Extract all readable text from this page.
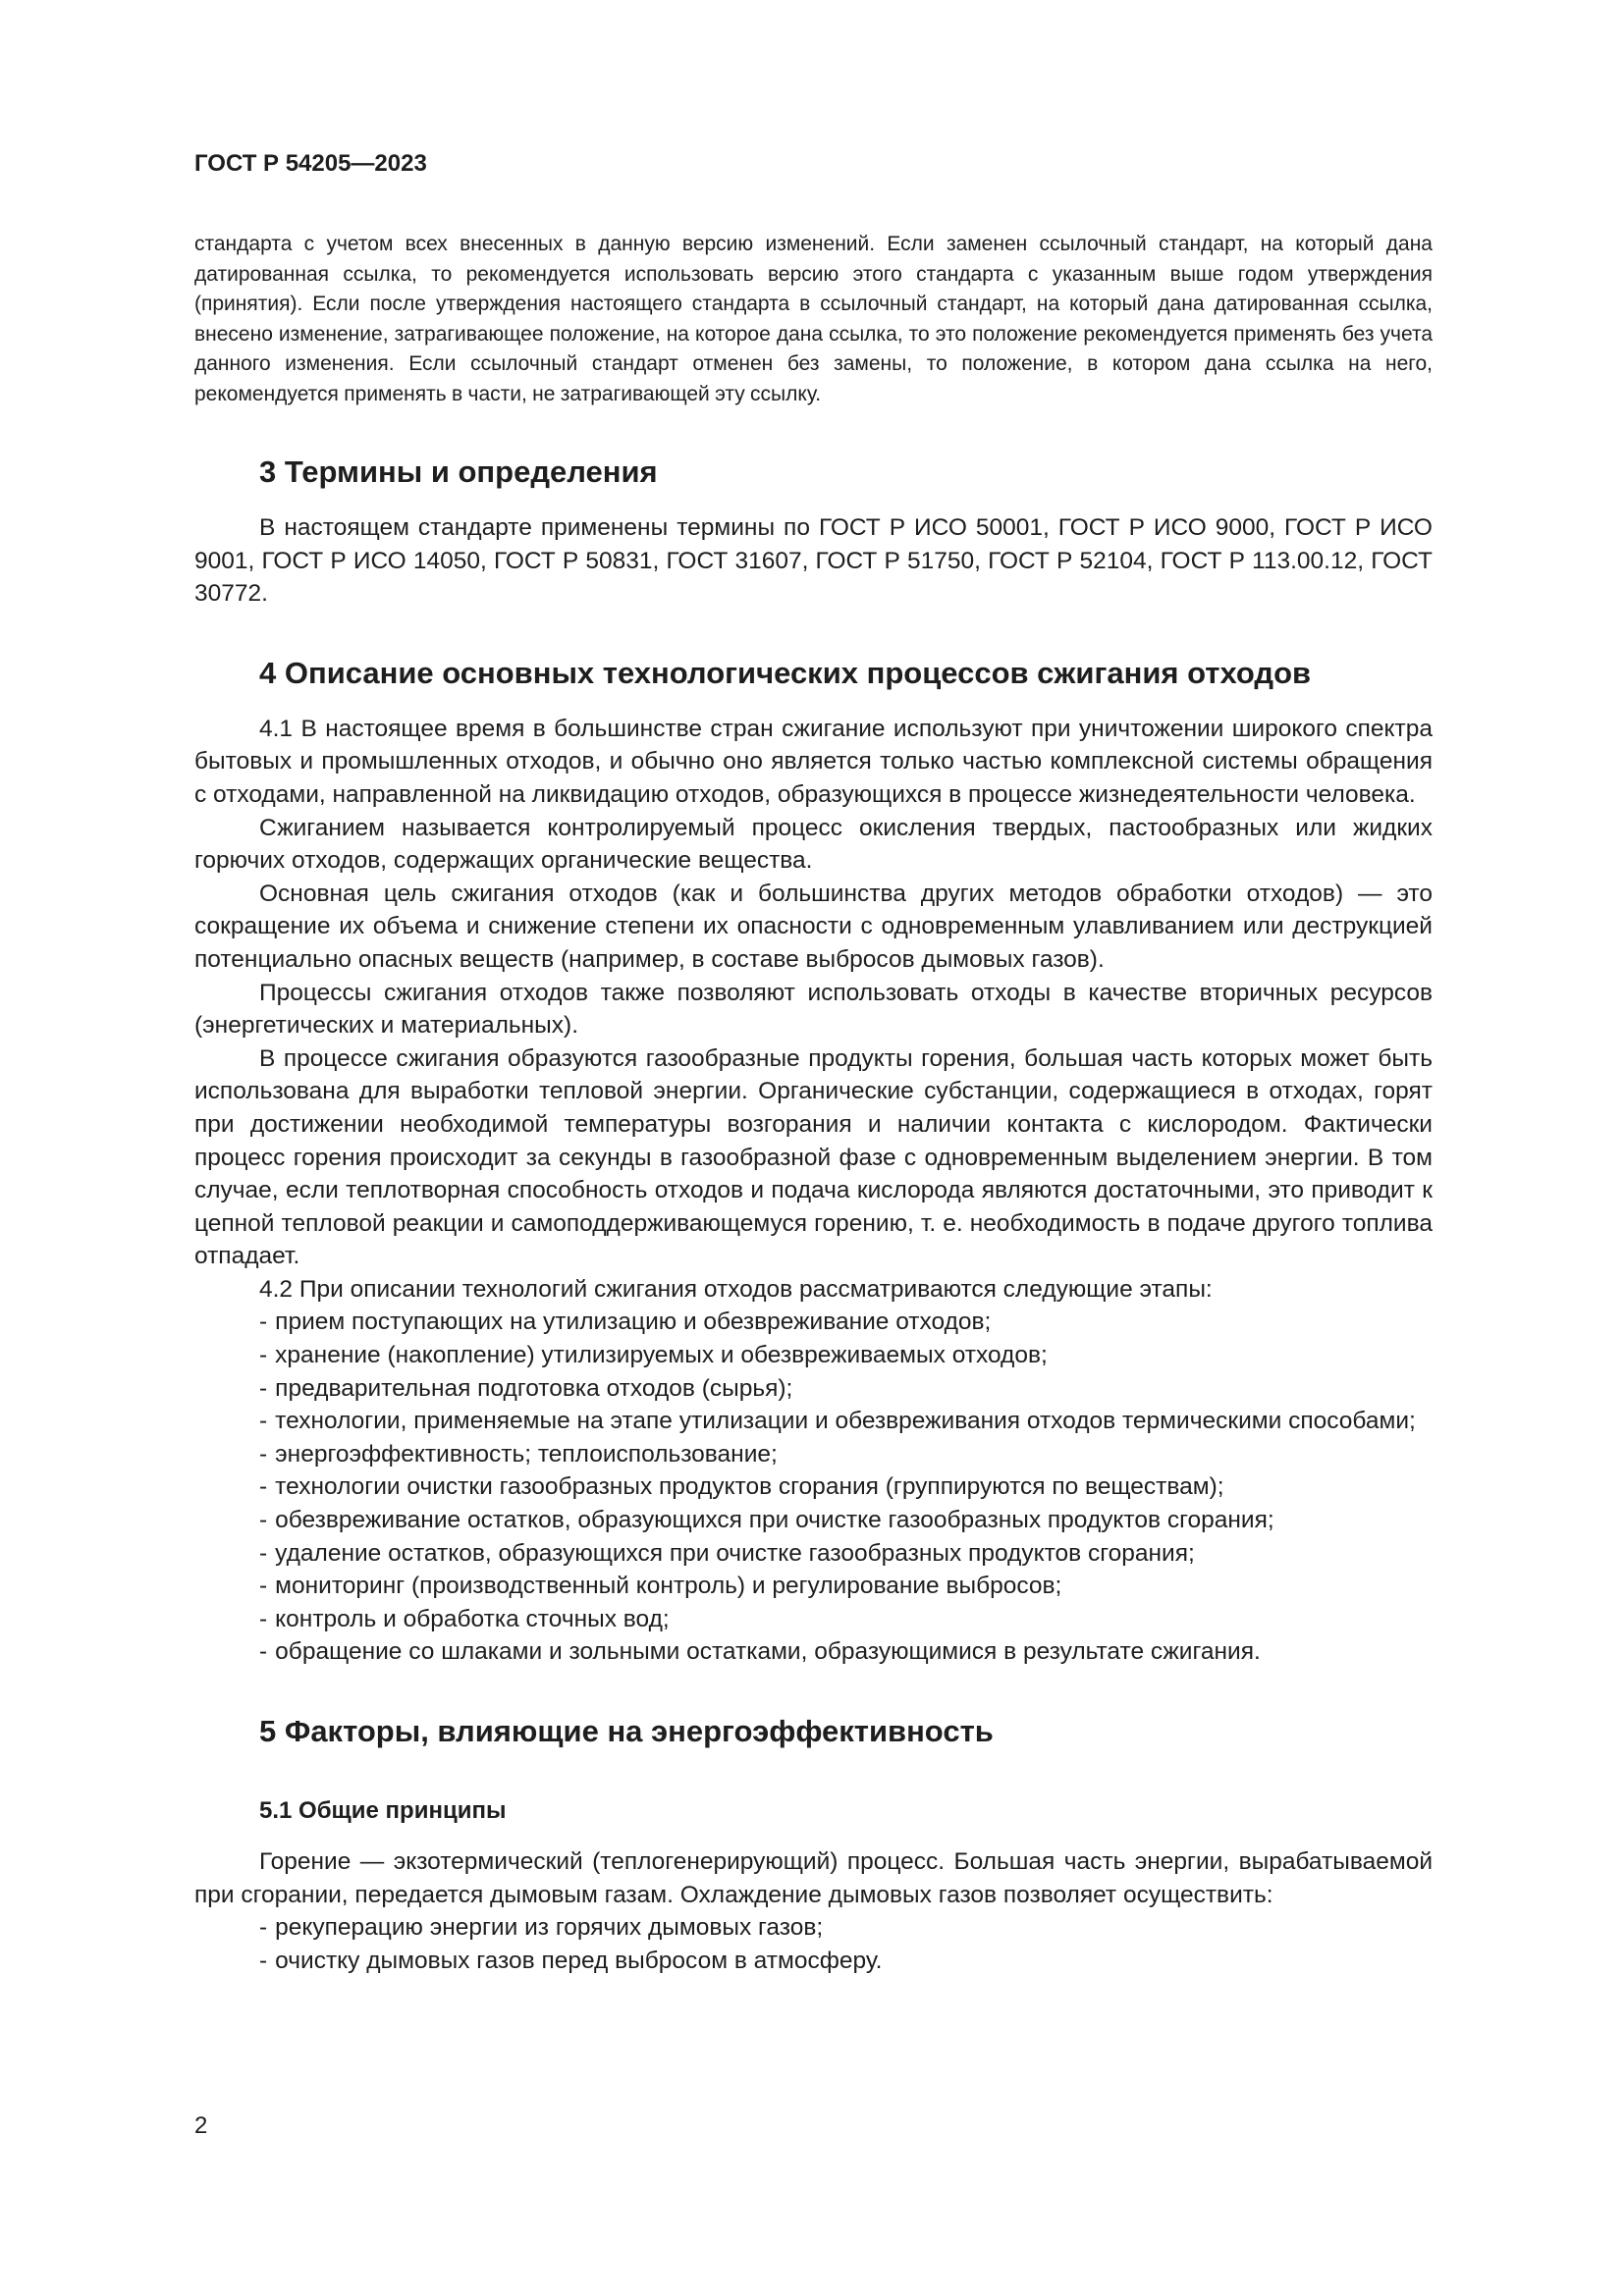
ГОСТ Р 54205—2023

стандарта с учетом всех внесенных в данную версию изменений. Если заменен ссылочный стандарт, на который дана датированная ссылка, то рекомендуется использовать версию этого стандарта с указанным выше годом утверждения (принятия). Если после утверждения настоящего стандарта в ссылочный стандарт, на который дана датированная ссылка, внесено изменение, затрагивающее положение, на которое дана ссылка, то это положение рекомендуется применять без учета данного изменения. Если ссылочный стандарт отменен без замены, то положение, в котором дана ссылка на него, рекомендуется применять в части, не затрагивающей эту ссылку.

3 Термины и определения

В настоящем стандарте применены термины по ГОСТ Р ИСО 50001, ГОСТ Р ИСО 9000, ГОСТ Р ИСО 9001, ГОСТ Р ИСО 14050, ГОСТ Р 50831, ГОСТ 31607, ГОСТ Р 51750, ГОСТ Р 52104, ГОСТ Р 113.00.12, ГОСТ 30772.

4 Описание основных технологических процессов сжигания отходов

4.1 В настоящее время в большинстве стран сжигание используют при уничтожении широкого спектра бытовых и промышленных отходов, и обычно оно является только частью комплексной системы обращения с отходами, направленной на ликвидацию отходов, образующихся в процессе жизнедеятельности человека.

Сжиганием называется контролируемый процесс окисления твердых, пастообразных или жидких горючих отходов, содержащих органические вещества.

Основная цель сжигания отходов (как и большинства других методов обработки отходов) — это сокращение их объема и снижение степени их опасности с одновременным улавливанием или деструкцией потенциально опасных веществ (например, в составе выбросов дымовых газов).

Процессы сжигания отходов также позволяют использовать отходы в качестве вторичных ресурсов (энергетических и материальных).

В процессе сжигания образуются газообразные продукты горения, большая часть которых может быть использована для выработки тепловой энергии. Органические субстанции, содержащиеся в отходах, горят при достижении необходимой температуры возгорания и наличии контакта с кислородом. Фактически процесс горения происходит за секунды в газообразной фазе с одновременным выделением энергии. В том случае, если теплотворная способность отходов и подача кислорода являются достаточными, это приводит к цепной тепловой реакции и самоподдерживающемуся горению, т. е. необходимость в подаче другого топлива отпадает.

4.2 При описании технологий сжигания отходов рассматриваются следующие этапы:

- прием поступающих на утилизацию и обезвреживание отходов;
- хранение (накопление) утилизируемых и обезвреживаемых отходов;
- предварительная подготовка отходов (сырья);
- технологии, применяемые на этапе утилизации и обезвреживания отходов термическими способами;
- энергоэффективность; теплоиспользование;
- технологии очистки газообразных продуктов сгорания (группируются по веществам);
- обезвреживание остатков, образующихся при очистке газообразных продуктов сгорания;
- удаление остатков, образующихся при очистке газообразных продуктов сгорания;
- мониторинг (производственный контроль) и регулирование выбросов;
- контроль и обработка сточных вод;
- обращение со шлаками и зольными остатками, образующимися в результате сжигания.
5 Факторы, влияющие на энергоэффективность
5.1 Общие принципы

Горение — экзотермический (теплогенерирующий) процесс. Большая часть энергии, вырабатываемой при сгорании, передается дымовым газам. Охлаждение дымовых газов позволяет осуществить:

- рекуперацию энергии из горячих дымовых газов;
- очистку дымовых газов перед выбросом в атмосферу.
2
